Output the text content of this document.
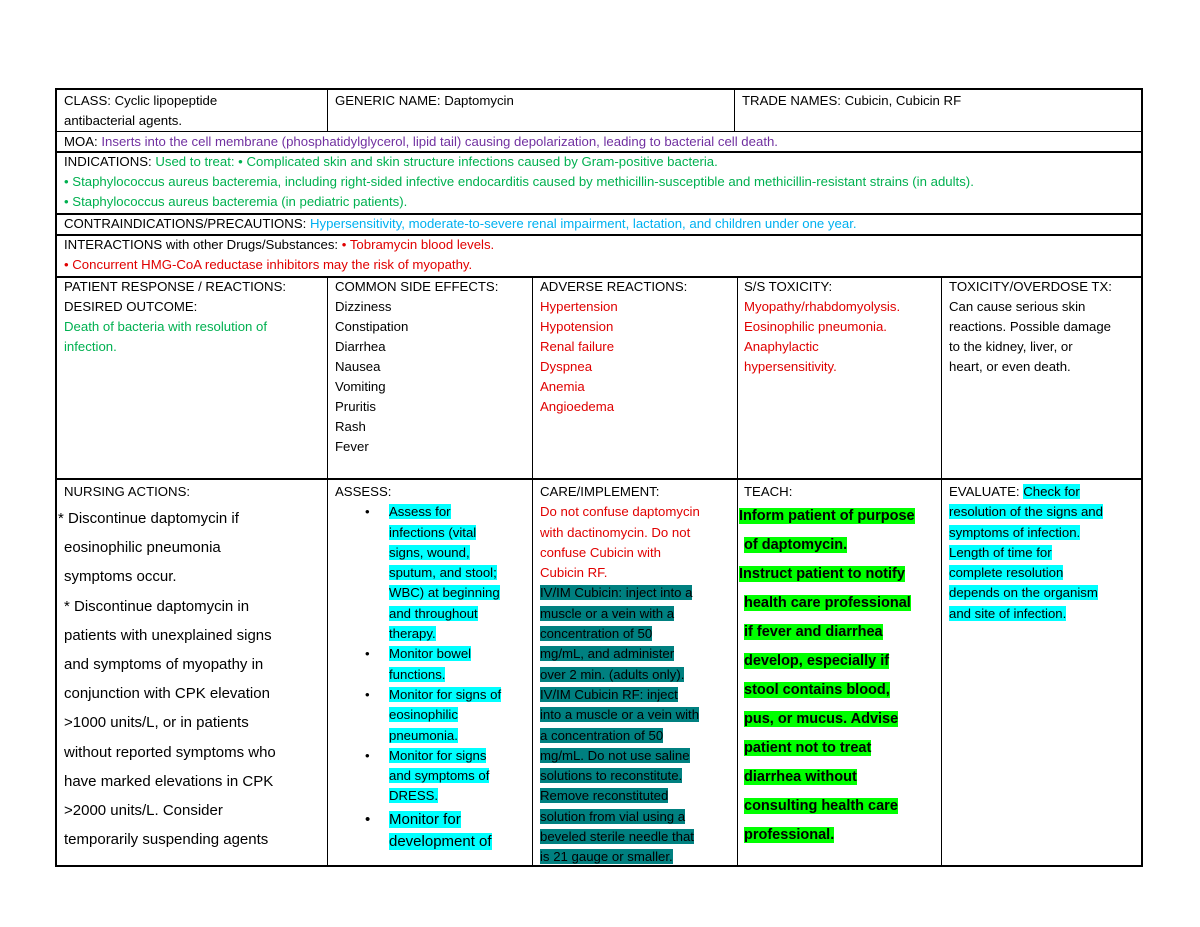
CLASS: Cyclic lipopeptide
antibacterial agents.
GENERIC NAME: Daptomycin	TRADE NAMES: Cubicin, Cubicin RF
MOA: Inserts into the cell membrane (phosphatidylglycerol, lipid tail) causing depolarization, leading to bacterial cell death.
INDICATIONS: Used to treat: • Complicated skin and skin structure infections caused by Gram-positive bacteria.
• Staphylococcus aureus bacteremia, including right-sided infective endocarditis caused by methicillin-susceptible and methicillin-resistant strains (in adults).
• Staphylococcus aureus bacteremia (in pediatric patients).
CONTRAINDICATIONS/PRECAUTIONS: Hypersensitivity, moderate-to-severe renal impairment, lactation, and children under one year.
INTERACTIONS with other Drugs/Substances: • Tobramycin blood levels.
• Concurrent HMG-CoA reductase inhibitors may the risk of myopathy.
PATIENT RESPONSE / REACTIONS:
DESIRED OUTCOME:
Death of bacteria with resolution of
infection.
COMMON SIDE EFFECTS:
Dizziness
Constipation
Diarrhea
Nausea
Vomiting
Pruritis
Rash
Fever
ADVERSE REACTIONS:
Hypertension
Hypotension
Renal failure
Dyspnea
Anemia
Angioedema
S/S TOXICITY:
Myopathy/rhabdomyolysis.
Eosinophilic pneumonia.
Anaphylactic
hypersensitivity.
TOXICITY/OVERDOSE TX:
Can cause serious skin
reactions. Possible damage
to the kidney, liver, or
heart, or even death.
NURSING ACTIONS:
* Discontinue daptomycin if
eosinophilic pneumonia
symptoms occur.
* Discontinue daptomycin in
patients with unexplained signs
and symptoms of myopathy in
conjunction with CPK elevation
>1000 units/L, or in patients
without reported symptoms who
have marked elevations in CPK
>2000 units/L. Consider
temporarily suspending agents
ASSESS:
• Assess for
infections (vital
signs, wound,
sputum, and stool;
WBC) at beginning
and throughout
therapy.
• Monitor bowel
functions.
• Monitor for signs of
eosinophilic
pneumonia.
• Monitor for signs
and symptoms of
DRESS.
• Monitor for
development of
CARE/IMPLEMENT:
Do not confuse daptomycin
with dactinomycin. Do not
confuse Cubicin with
Cubicin RF.
IV/IM Cubicin: inject into a
muscle or a vein with a
concentration of 50
mg/mL, and administer
over 2 min. (adults only).
IV/IM Cubicin RF: inject
into a muscle or a vein with
a concentration of 50
mg/mL. Do not use saline
solutions to reconstitute.
Remove reconstituted
solution from vial using a
beveled sterile needle that
is 21 gauge or smaller.
TEACH:
Inform patient of purpose
of daptomycin.
Instruct patient to notify
health care professional
if fever and diarrhea
develop, especially if
stool contains blood,
pus, or mucus. Advise
patient not to treat
diarrhea without
consulting health care
professional.
EVALUATE: Check for
resolution of the signs and
symptoms of infection.
Length of time for
complete resolution
depends on the organism
and site of infection.
